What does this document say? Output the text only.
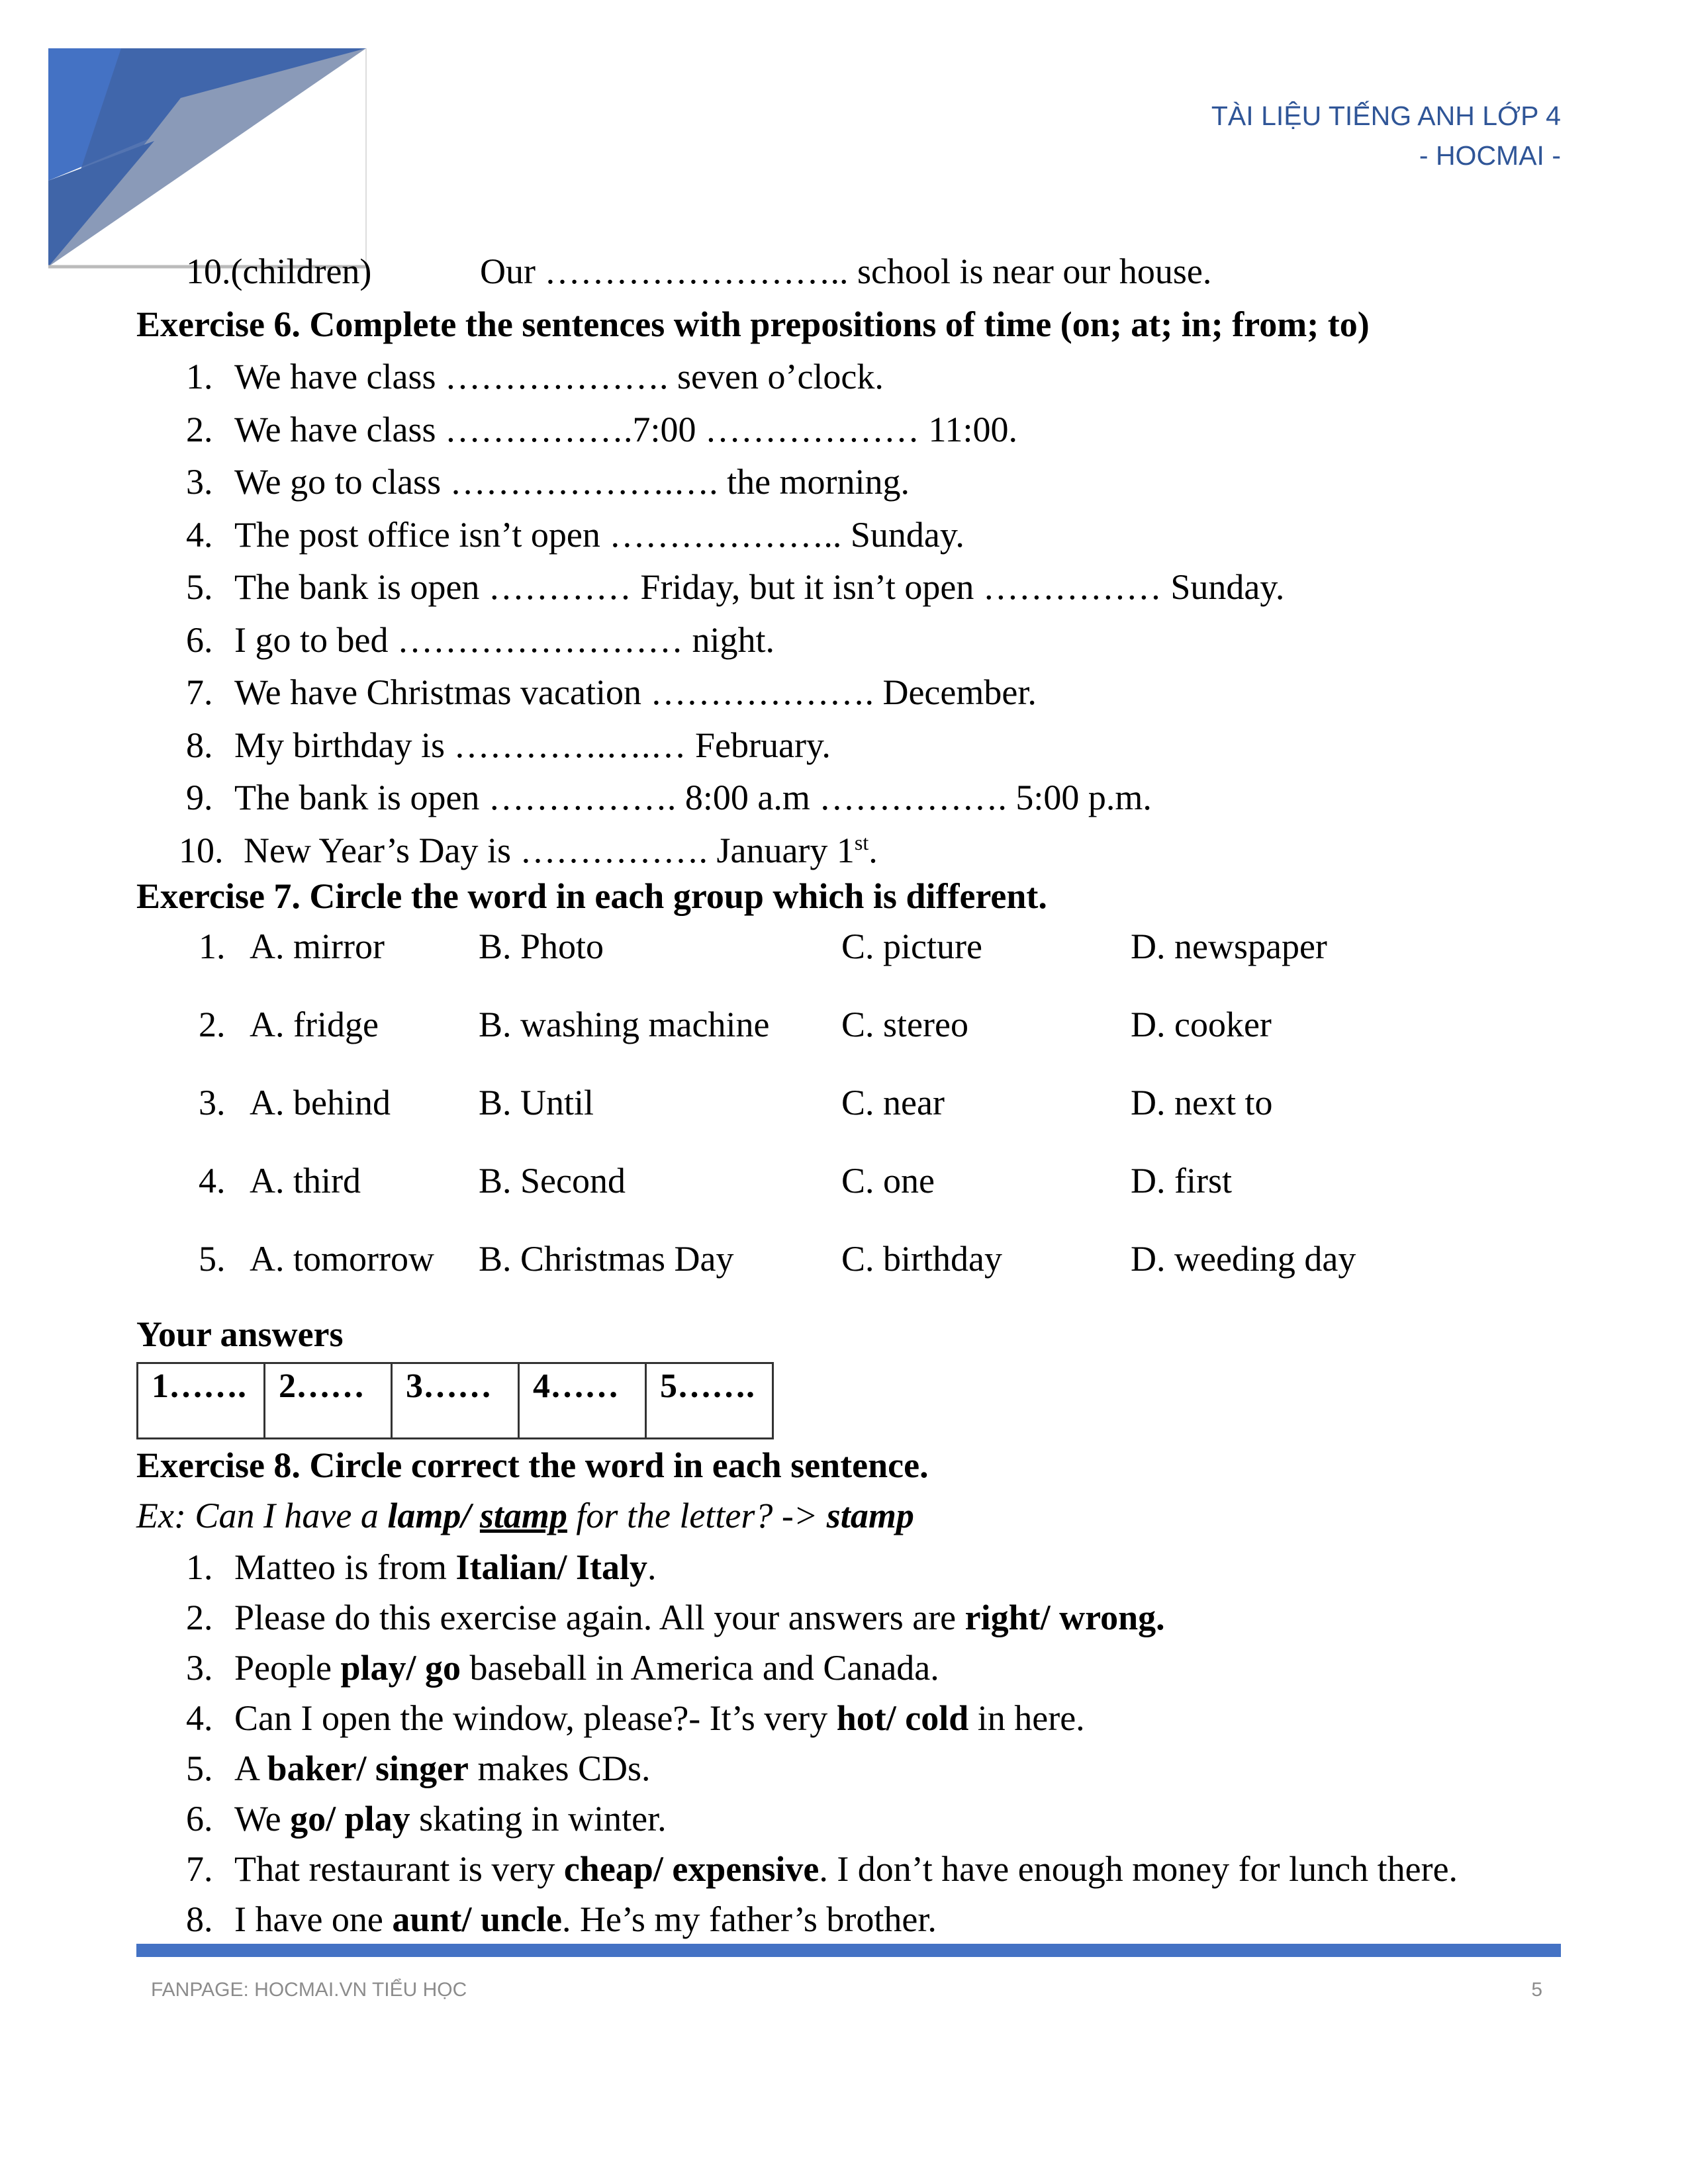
TÀI LIỆU TIẾNG ANH LỚP 4
- HOCMAI -
10.(children)	Our …………………….. school is near our house.
Exercise 6. Complete the sentences with prepositions of time (on; at; in; from; to)
1. We have class ………………. seven o’clock.
2. We have class …………….7:00 ……………… 11:00.
3. We go to class ……………….…. the morning.
4. The post office isn’t open ……………….. Sunday.
5. The bank is open ………… Friday, but it isn’t open …………… Sunday.
6. I go to bed …………………… night.
7. We have Christmas vacation ………………. December.
8. My birthday is ………….….… February.
9. The bank is open ……………. 8:00 a.m ……………. 5:00 p.m.
10. New Year’s Day is ……………. January 1st.
Exercise 7. Circle the word in each group which is different.
1. A. mirror	B. Photo	C. picture	D. newspaper
2. A. fridge	B. washing machine C. stereo	D. cooker
3. A. behind B. Until	C. near	D. next to
4. A. third	B. Second	C. one	D. first
5. A. tomorrow B. Christmas Day	C. birthday	D. weeding day
Your answers
1…….	2……	3……	4……	5…….
Exercise 8. Circle correct the word in each sentence.
Ex: Can I have a lamp/ stamp for the letter? -> stamp
1. Matteo is from Italian/ Italy.
2. Please do this exercise again. All your answers are right/ wrong.
3. People play/ go baseball in America and Canada.
4. Can I open the window, please?- It’s very hot/ cold in here.
5. A baker/ singer makes CDs.
6. We go/ play skating in winter.
7. That restaurant is very cheap/ expensive. I don’t have enough money for lunch there.
8. I have one aunt/ uncle. He’s my father’s brother.
FANPAGE: HOCMAI.VN TIỂU HỌC	5
